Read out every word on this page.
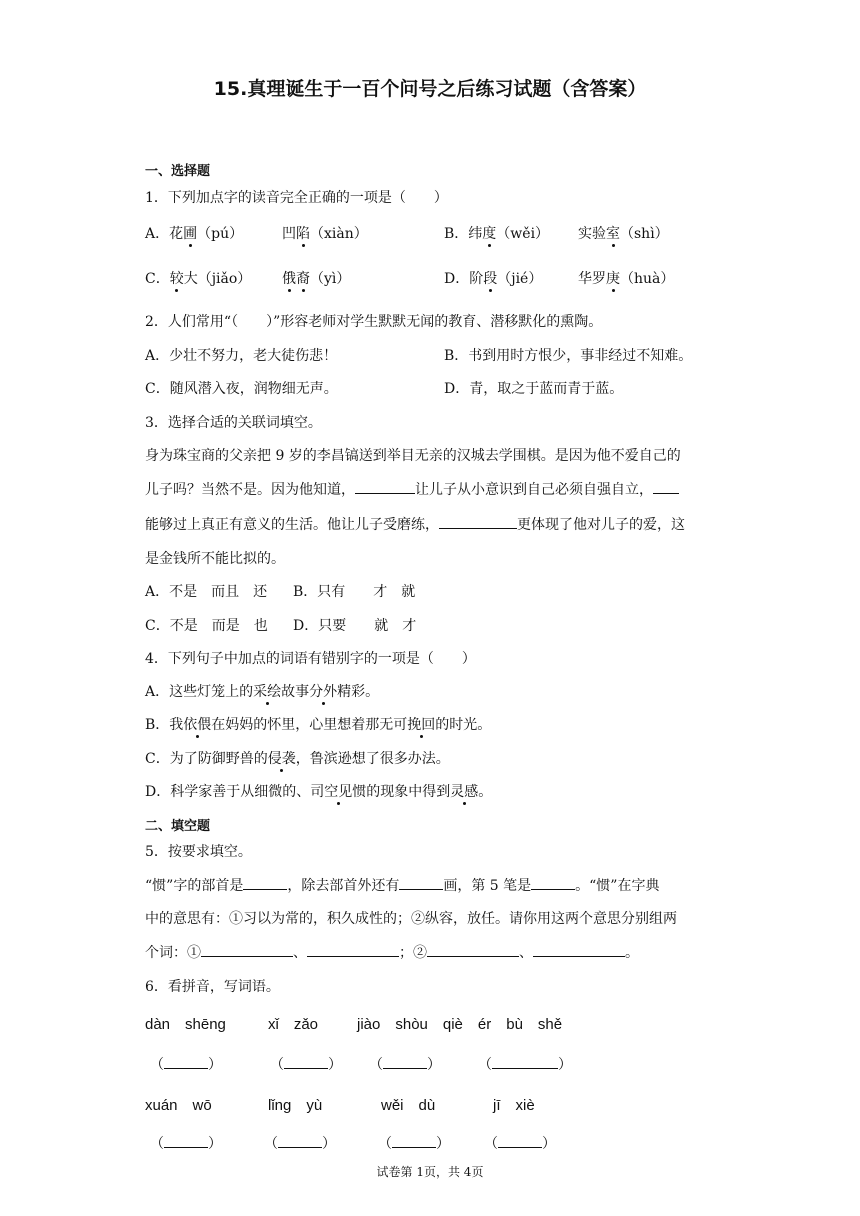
15.真理诞生于一百个问号之后练习试题（含答案）
一、选择题
1．下列加点字的读音完全正确的一项是（　　）
A．花圃（pú）	凹陷（xiàn）	B．纬度（wěi） 实验室（shì）
C．较大（jiǎo） 俄裔（yì）	D．阶段（jié）	华罗庚（huà）
2．人们常用“（　　）”形容老师对学生默默无闻的教育、潜移默化的熏陶。
A．少壮不努力，老大徒伤悲！	B．书到用时方恨少，事非经过不知难。
C．随风潜入夜，润物细无声。	D．青，取之于蓝而青于蓝。
3．选择合适的关联词填空。
身为珠宝商的父亲把 9 岁的李昌镐送到举目无亲的汉城去学围棋。是因为他不爱自己的
儿子吗？当然不是。因为他知道，	让儿子从小意识到自己必须自强自立，
能够过上真正有意义的生活。他让儿子受磨练，	更体现了他对儿子的爱，这
是金钱所不能比拟的。
A．不是　而且　还 B．只有　　才　就
C．不是　而是　也 D．只要　　就　才
4．下列句子中加点的词语有错别字的一项是（　　）
A．这些灯笼上的采绘故事分外精彩。
B．我依偎在妈妈的怀里，心里想着那无可挽回的时光。
C．为了防御野兽的侵袭，鲁滨逊想了很多办法。
D．科学家善于从细微的、司空见惯的现象中得到灵感。
二、填空题
5．按要求填空。
“惯”字的部首是	，除去部首外还有	画，第 5 笔是	。“惯”在字典
中的意思有：①习以为常的，积久成性的；②纵容，放任。请你用这两个意思分别组两
个词：①	、	；②	、	。
6．看拼音，写词语。
dàn　shēng	xǐ　zǎo	jiào　shòu　qiè　ér　bù　shě
（	）	（	） （	）	（	）
xuán　wō	lǐng　yù	wěi　dù	jī　xiè
（	）	（	）	（	） （	）
试卷第 1页，共 4页
